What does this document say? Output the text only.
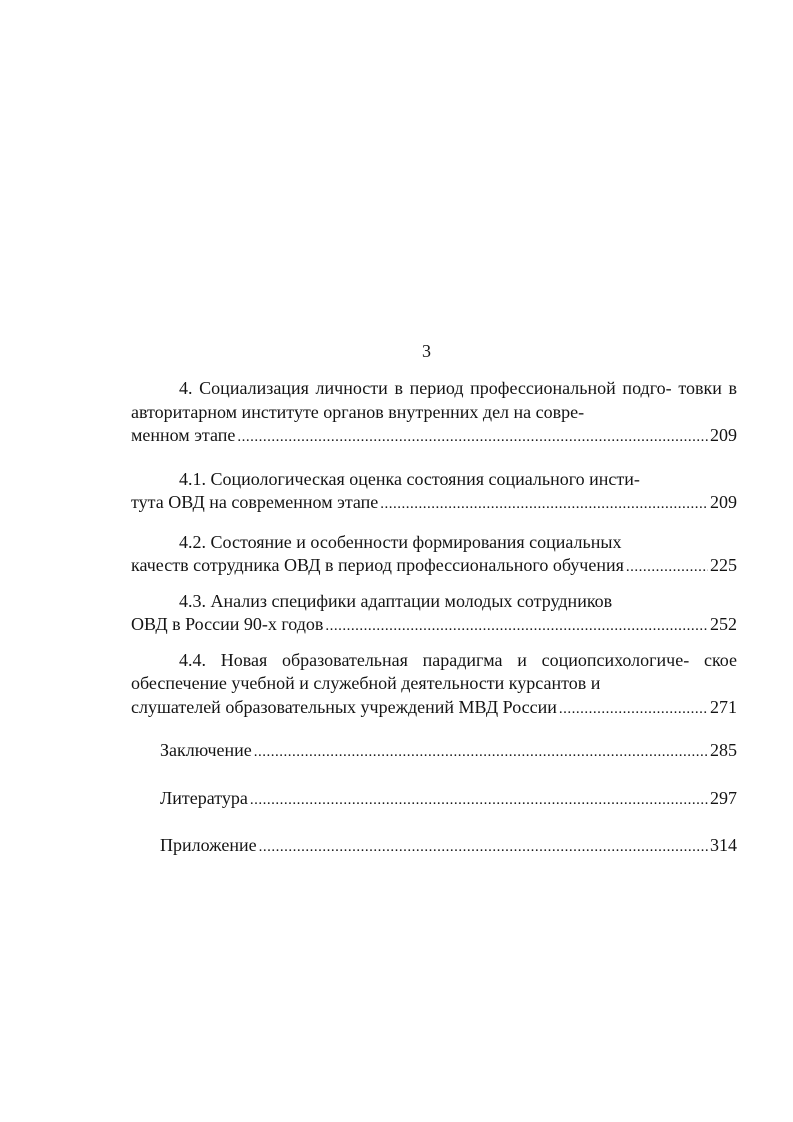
3
4. Социализация личности в период профессиональной подго- товки в авторитарном институте органов внутренних дел на совре-
менном этапе .....	209
4.1. Социологическая оценка состояния социального инсти-
тута ОВД на современном этапе .....	209
4.2. Состояние и особенности формирования социальных
качеств сотрудника ОВД в период профессионального обучения .....	225
4.3. Анализ специфики адаптации молодых сотрудников
ОВД в России 90-х годов .....	252
4.4. Новая образовательная парадигма и социопсихологиче- ское обеспечение учебной и служебной деятельности курсантов и
слушателей образовательных учреждений МВД России .....	271
Заключение .....	285
Литература .....	297
Приложение .....	314
